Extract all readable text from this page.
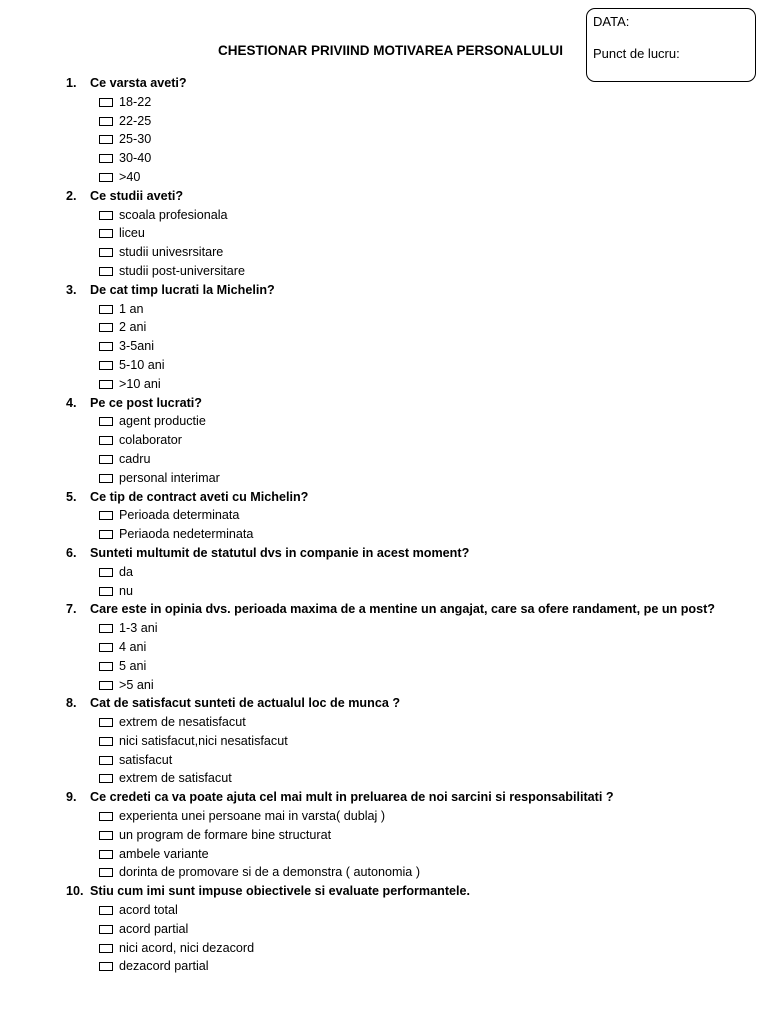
DATA:
Punct de lucru:
CHESTIONAR PRIVIIND MOTIVAREA PERSONALULUI
1. Ce varsta aveti?
18-22
22-25
25-30
30-40
>40
2. Ce studii aveti?
scoala profesionala
liceu
studii univesrsitare
studii post-universitare
3. De cat timp lucrati la Michelin?
1 an
2 ani
3-5ani
5-10 ani
>10 ani
4. Pe ce post lucrati?
agent productie
colaborator
cadru
personal interimar
5. Ce tip de contract aveti cu Michelin?
Perioada determinata
Periaoda nedeterminata
6. Sunteti multumit de statutul dvs in companie in acest moment?
da
nu
7. Care este in opinia dvs. perioada maxima de a mentine un angajat, care sa ofere randament, pe un post?
1-3 ani
4 ani
5 ani
>5 ani
8. Cat de satisfacut sunteti de actualul loc de munca ?
extrem de nesatisfacut
nici satisfacut,nici nesatisfacut
satisfacut
extrem de satisfacut
9. Ce credeti ca va poate ajuta cel mai mult in preluarea de noi sarcini si responsabilitati ?
experienta unei persoane mai in varsta( dublaj )
un program de formare bine structurat
ambele variante
dorinta de promovare si de a demonstra ( autonomia )
10. Stiu cum imi sunt impuse obiectivele si evaluate performantele.
acord total
acord partial
nici acord, nici dezacord
dezacord partial
